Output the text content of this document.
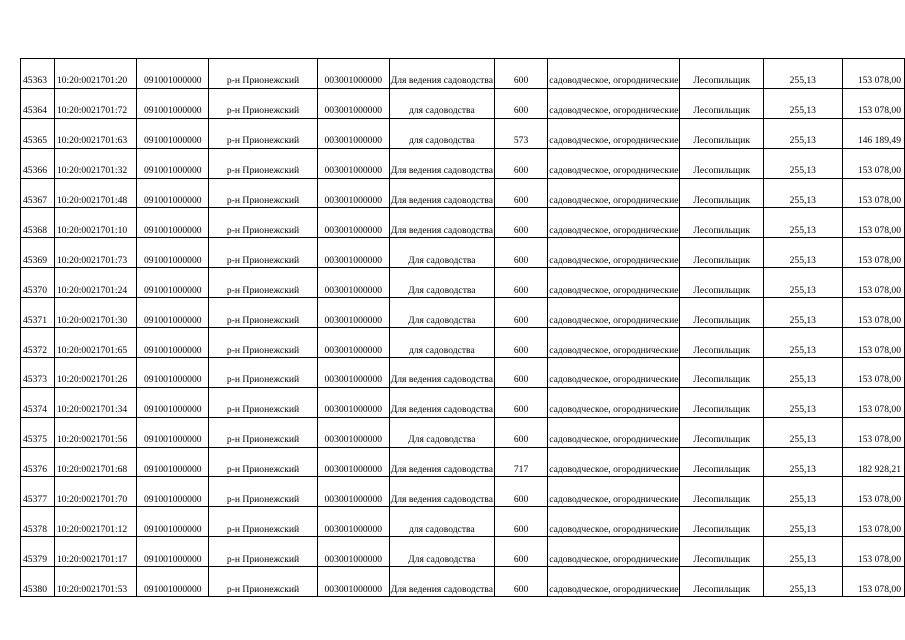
45363	10:20:0021701:20	091001000000	р-н Прионежский	003001000000	Для ведения садоводства	600	садоводческое, огороднические	Лесопильщик	255,13	153 078,00
45364	10:20:0021701:72	091001000000	р-н Прионежский	003001000000	для садоводства	600	садоводческое, огороднические	Лесопильщик	255,13	153 078,00
45365	10:20:0021701:63	091001000000	р-н Прионежский	003001000000	для садоводства	573	садоводческое, огороднические	Лесопильщик	255,13	146 189,49
45366	10:20:0021701:32	091001000000	р-н Прионежский	003001000000	Для ведения садоводства	600	садоводческое, огороднические	Лесопильщик	255,13	153 078,00
45367	10:20:0021701:48	091001000000	р-н Прионежский	003001000000	Для ведения садоводства	600	садоводческое, огороднические	Лесопильщик	255,13	153 078,00
45368	10:20:0021701:10	091001000000	р-н Прионежский	003001000000	Для ведения садоводства	600	садоводческое, огороднические	Лесопильщик	255,13	153 078,00
45369	10:20:0021701:73	091001000000	р-н Прионежский	003001000000	Для садоводства	600	садоводческое, огороднические	Лесопильщик	255,13	153 078,00
45370	10:20:0021701:24	091001000000	р-н Прионежский	003001000000	Для садоводства	600	садоводческое, огороднические	Лесопильщик	255,13	153 078,00
45371	10:20:0021701:30	091001000000	р-н Прионежский	003001000000	Для садоводства	600	садоводческое, огороднические	Лесопильщик	255,13	153 078,00
45372	10:20:0021701:65	091001000000	р-н Прионежский	003001000000	для садоводства	600	садоводческое, огороднические	Лесопильщик	255,13	153 078,00
45373	10:20:0021701:26	091001000000	р-н Прионежский	003001000000	Для ведения садоводства	600	садоводческое, огороднические	Лесопильщик	255,13	153 078,00
45374	10:20:0021701:34	091001000000	р-н Прионежский	003001000000	Для ведения садоводства	600	садоводческое, огороднические	Лесопильщик	255,13	153 078,00
45375	10:20:0021701:56	091001000000	р-н Прионежский	003001000000	Для садоводства	600	садоводческое, огороднические	Лесопильщик	255,13	153 078,00
45376	10:20:0021701:68	091001000000	р-н Прионежский	003001000000	Для ведения садоводства	717	садоводческое, огороднические	Лесопильщик	255,13	182 928,21
45377	10:20:0021701:70	091001000000	р-н Прионежский	003001000000	Для ведения садоводства	600	садоводческое, огороднические	Лесопильщик	255,13	153 078,00
45378	10:20:0021701:12	091001000000	р-н Прионежский	003001000000	для садоводства	600	садоводческое, огороднические	Лесопильщик	255,13	153 078,00
45379	10:20:0021701:17	091001000000	р-н Прионежский	003001000000	Для садоводства	600	садоводческое, огороднические	Лесопильщик	255,13	153 078,00
45380	10:20:0021701:53	091001000000	р-н Прионежский	003001000000	Для ведения садоводства	600	садоводческое, огороднические	Лесопильщик	255,13	153 078,00
